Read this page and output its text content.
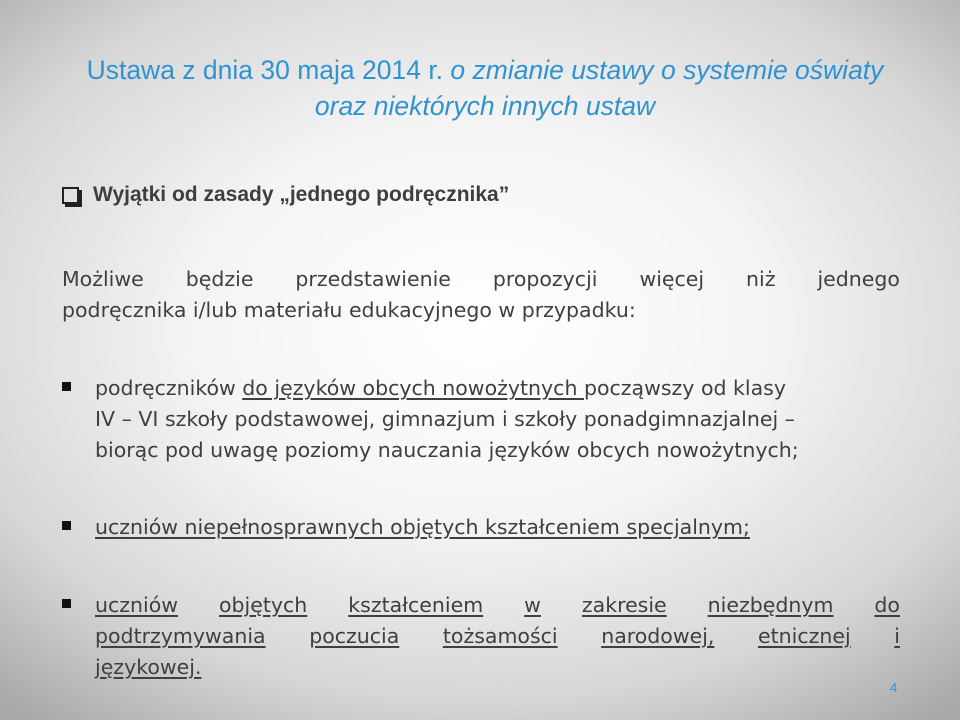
Ustawa z dnia 30 maja 2014 r. o zmianie ustawy o systemie oświaty oraz niektórych innych ustaw
Wyjątki od zasady „jednego podręcznika”
Możliwe będzie przedstawienie propozycji więcej niż jednego
podręcznika i/lub materiału edukacyjnego w przypadku:
podręczników do języków obcych nowożytnych począwszy od klasy
IV – VI szkoły podstawowej, gimnazjum i szkoły ponadgimnazjalnej –
biorąc pod uwagę poziomy nauczania języków obcych nowożytnych;
uczniów niepełnosprawnych objętych kształceniem specjalnym;
uczniów objętych kształceniem w zakresie niezbędnym do
podtrzymywania poczucia tożsamości narodowej, etnicznej i
językowej.
4
